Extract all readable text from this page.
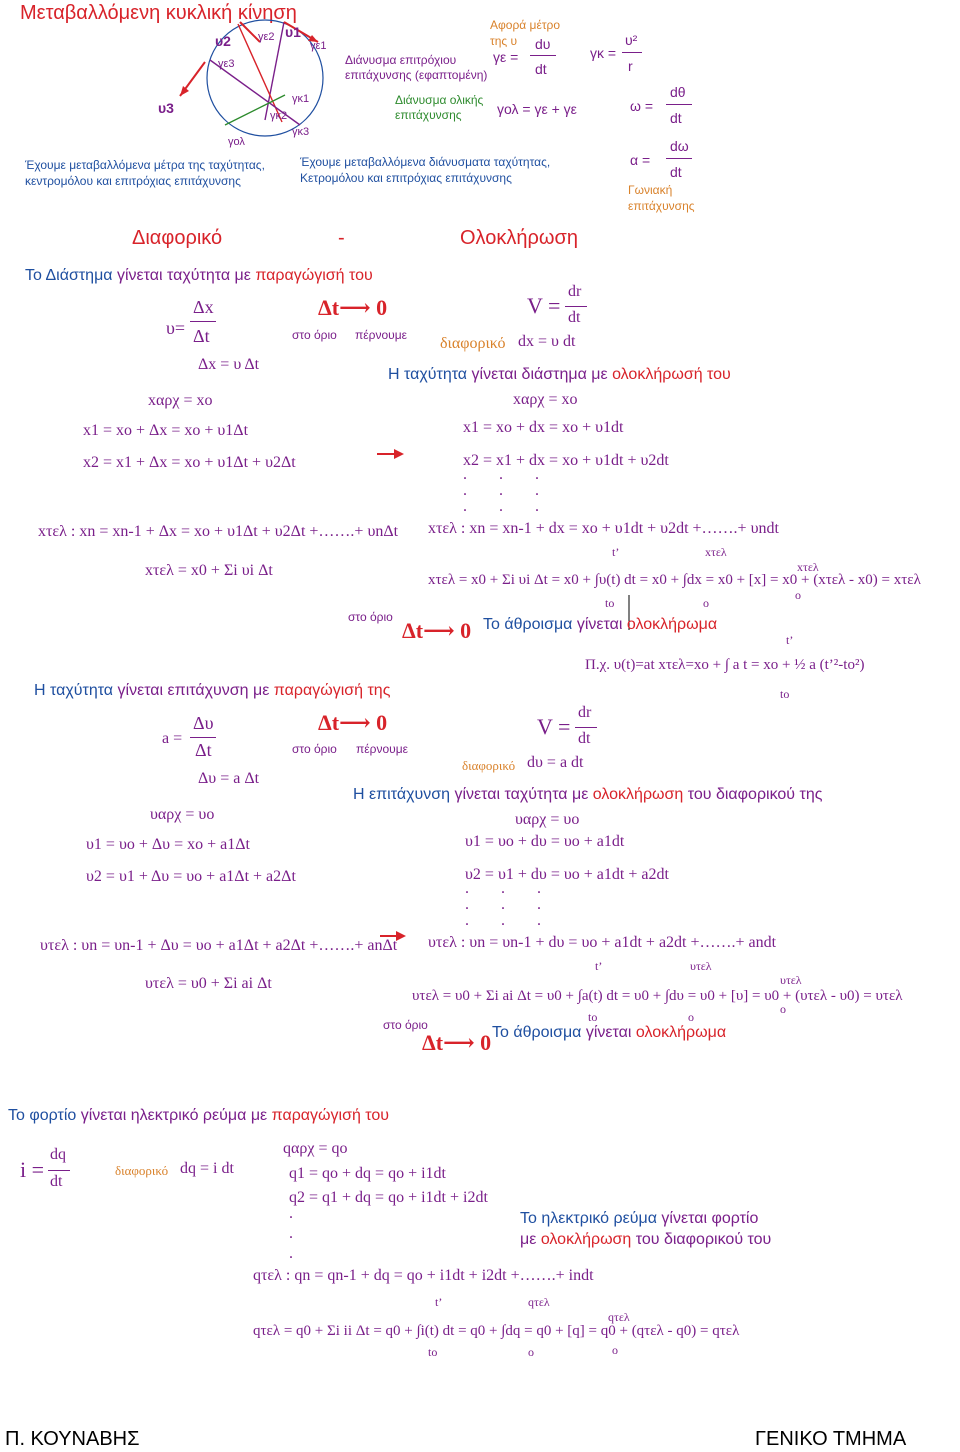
Μεταβαλλόμενη κυκλική κίνηση
υ2
υ1
υ3
γε1
γε2
γε3
γκ1
γκ2
γκ3
γολ
Διάνυσμα επιτρόχιου
επιτάχυνσης (εφαπτομένη)
Διάνυσμα ολικής
επιτάχυνσης
Αφορά μέτρο
της υ
Έχουμε μεταβαλλόμενα μέτρα της ταχύτητας,
κεντρομόλου και επιτρόχιας επιτάχυνσης
Έχουμε μεταβαλλόμενα διάνυσματα ταχύτητας,
Κετρομόλου και επιτρόχιας επιτάχυνσης
γε =
dυ
dt
γολ = γε + γε
γκ =
υ²
r
ω =
dθ
dt
α =
dω
dt
Γωνιακή
επιτάχυνσης
Διαφορικό	-	Ολοκλήρωση
Το Διάστημα γίνεται ταχύτητα με παραγώγισή του
υ=
Δx
Δt
Δt⟶ 0
στο όριο πέρνουμε
Δx = υ Δt
V =
dr
dt
διαφορικό dx = υ dt
Η ταχύτητα γίνεται διάστημα με ολοκλήρωσή του
xαρχ = xo	xαρχ = xo
x1 = xo + Δx = xo + υ1Δt	x1 = xo + dx = xo + υ1dt
x2 = x1 + Δx = xo + υ1Δt + υ2Δt	x2 = x1 + dx = xo + υ1dt + υ2dt
. . .
. . .
. . .
xτελ : xn = xn-1 + Δx = xo + υ1Δt + υ2Δt +…….+ υnΔt xτελ : xn = xn-1 + dx = xo + υ1dt + υ2dt +…….+ υndt
xτελ = x0 + Σi υi Δt
t’	xτελ
xτελ
xτελ = x0 + Σi υi Δt = x0 + ∫υ(t) dt = x0 + ∫dx = x0 + [x] = x0 + (xτελ - x0) = xτελ
to	o
o
στο όριο
Δt⟶ 0 Το άθροισμα γίνεται ολοκλήρωμα
t’
Π.χ. υ(t)=at xτελ=xo + ∫ a t = xo + ½ a (t’²-to²)
to
Η ταχύτητα γίνεται επιτάχυνση με παραγώγισή της
a =
Δυ
Δt
Δt⟶ 0
στο όριο πέρνουμε
Δυ = a Δt
V =
dr
dt
διαφορικό dυ = a dt
Η επιτάχυνση γίνεται ταχύτητα με ολοκλήρωση του διαφορικού της
υαρχ = υo	υαρχ = υo
υ1 = υo + Δυ = xo + a1Δt	υ1 = υo + dυ = υo + a1dt
υ2 = υ1 + Δυ = υo + a1Δt + a2Δt	υ2 = υ1 + dυ = υo + a1dt + a2dt
. . .
. . .
. . .
υτελ : υn = υn-1 + Δυ = υo + a1Δt + a2Δt +…….+ anΔt υτελ : υn = υn-1 + dυ = υo + a1dt + a2dt +…….+ andt
υτελ = υ0 + Σi ai Δt
t’	υτελ
υτελ
υτελ = υ0 + Σi ai Δt = υ0 + ∫a(t) dt = υ0 + ∫dυ = υ0 + [υ] = υ0 + (υτελ - υ0) = υτελ
to	o
o
στο όριο
Δt⟶ 0 Το άθροισμα γίνεται ολοκλήρωμα
Το φορτίο γίνεται ηλεκτρικό ρεύμα με παραγώγισή του
i =
dq
dt
διαφορικό dq = i dt
qαρχ = qo
q1 = qo + dq = qo + i1dt
q2 = q1 + dq = qo + i1dt + i2dt
.
.
.
qτελ : qn = qn-1 + dq = qo + i1dt + i2dt +…….+ indt
Το ηλεκτρικό ρεύμα γίνεται φορτίο
με ολοκλήρωση του διαφορικού του
t’	qτελ
qτελ
qτελ = q0 + Σi ii Δt = q0 + ∫i(t) dt = q0 + ∫dq = q0 + [q] = q0 + (qτελ - q0) = qτελ
to	o	o
Π. ΚΟΥΝΑΒΗΣ	ΓΕΝΙΚΟ ΤΜΗΜΑ
